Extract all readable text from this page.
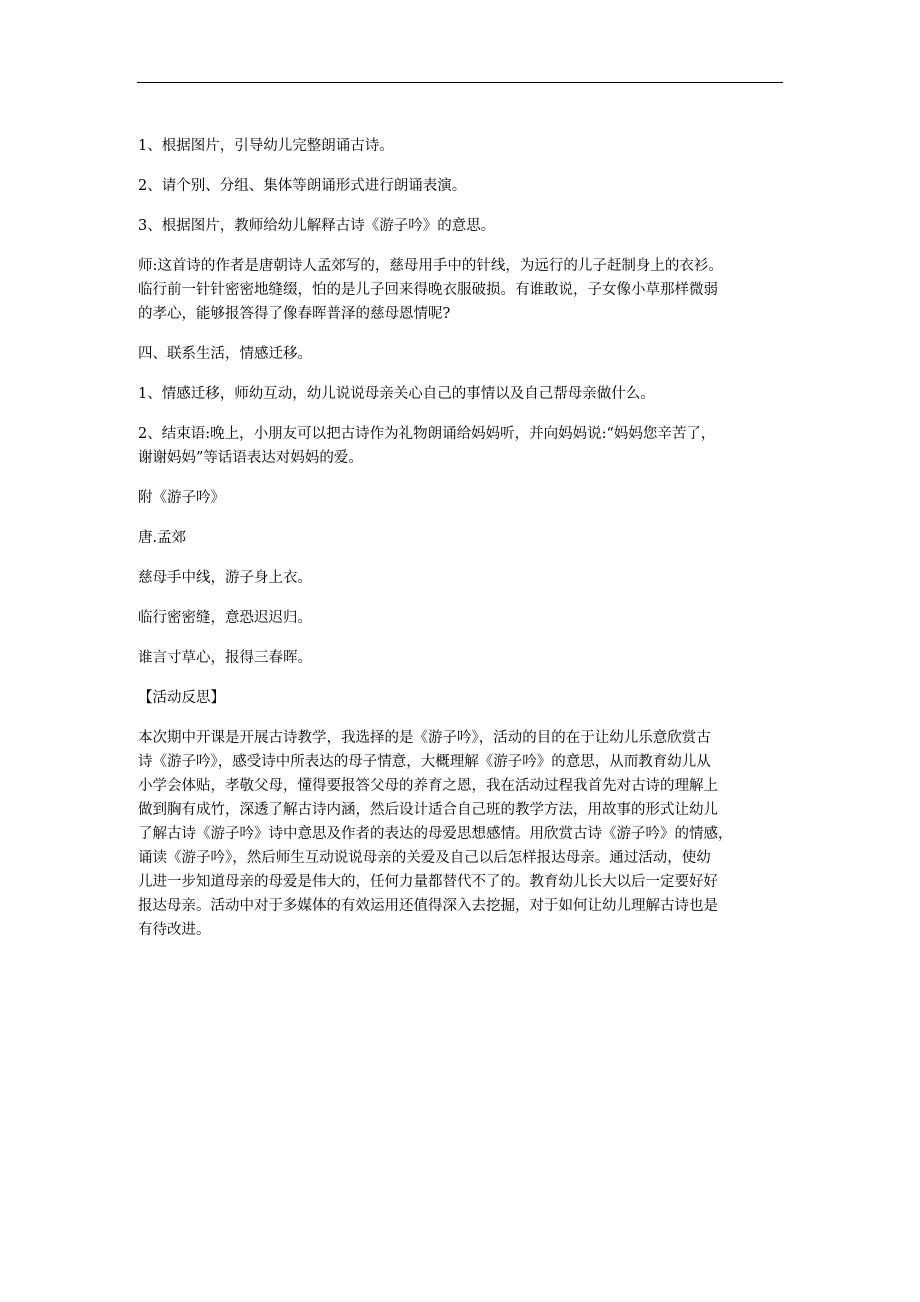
1、根据图片，引导幼儿完整朗诵古诗。

2、请个别、分组、集体等朗诵形式进行朗诵表演。

3、根据图片，教师给幼儿解释古诗《游子吟》的意思。

师:这首诗的作者是唐朝诗人孟郊写的，慈母用手中的针线，为远行的儿子赶制身上的衣衫。
临行前一针针密密地缝缀，怕的是儿子回来得晚衣服破损。有谁敢说，子女像小草那样微弱
的孝心，能够报答得了像春晖普泽的慈母恩情呢?

四、联系生活，情感迁移。

1、情感迁移，师幼互动，幼儿说说母亲关心自己的事情以及自己帮母亲做什么。

2、结束语:晚上，小朋友可以把古诗作为礼物朗诵给妈妈听，并向妈妈说:“妈妈您辛苦了，
谢谢妈妈”等话语表达对妈妈的爱。

附《游子吟》

唐.孟郊

慈母手中线，游子身上衣。

临行密密缝，意恐迟迟归。

谁言寸草心，报得三春晖。

【活动反思】

本次期中开课是开展古诗教学，我选择的是《游子吟》，活动的目的在于让幼儿乐意欣赏古
诗《游子吟》，感受诗中所表达的母子情意，大概理解《游子吟》的意思，从而教育幼儿从
小学会体贴，孝敬父母，懂得要报答父母的养育之恩，我在活动过程我首先对古诗的理解上
做到胸有成竹，深透了解古诗内涵，然后设计适合自己班的教学方法，用故事的形式让幼儿
了解古诗《游子吟》诗中意思及作者的表达的母爱思想感情。用欣赏古诗《游子吟》的情感，
诵读《游子吟》，然后师生互动说说母亲的关爱及自己以后怎样报达母亲。通过活动，使幼
儿进一步知道母亲的母爱是伟大的，任何力量都替代不了的。教育幼儿长大以后一定要好好
报达母亲。活动中对于多媒体的有效运用还值得深入去挖掘，对于如何让幼儿理解古诗也是
有待改进。
